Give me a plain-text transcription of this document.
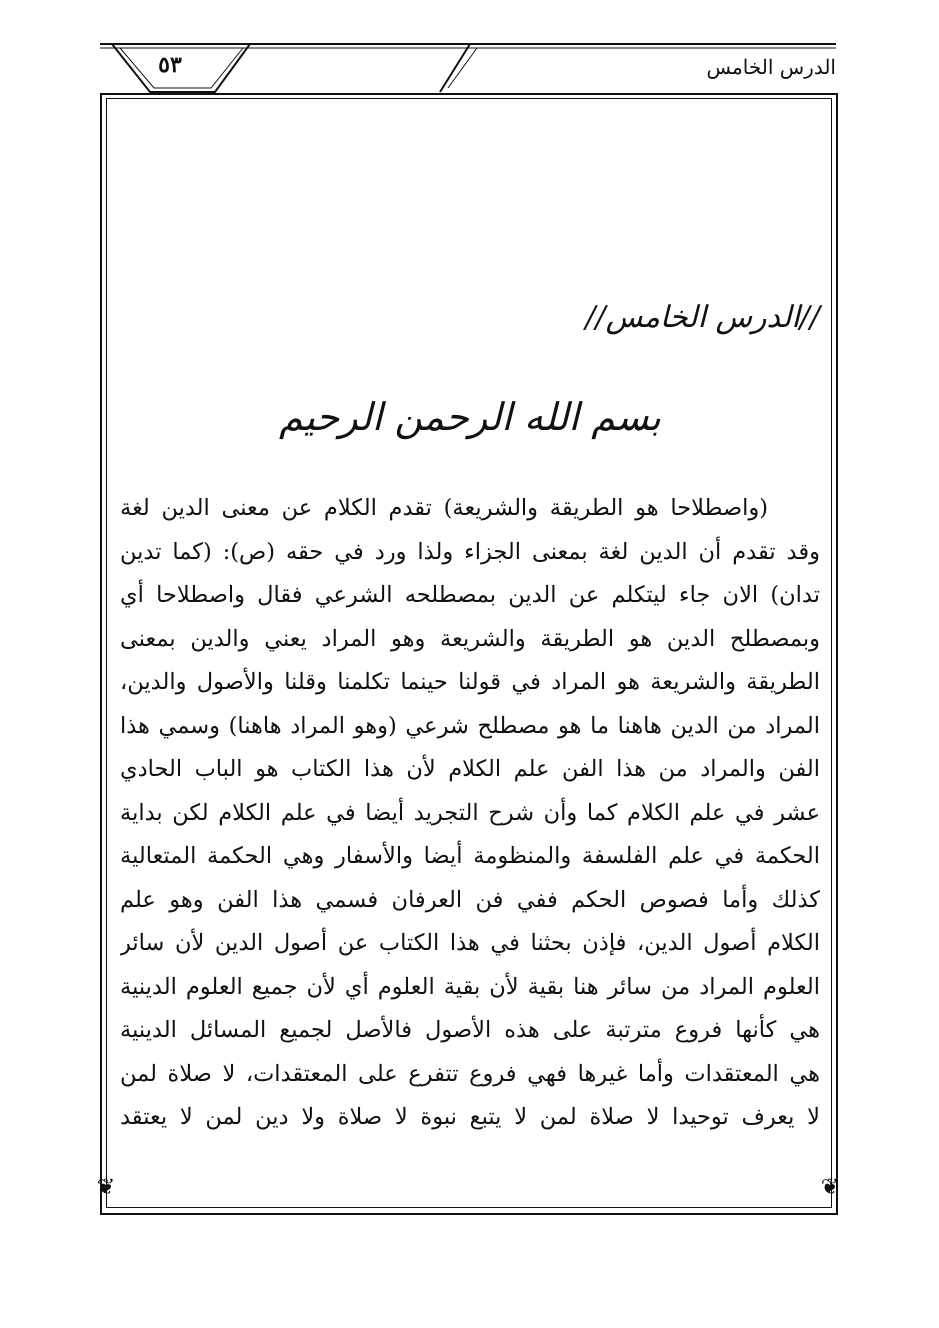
٥٣	الدرس الخامس
❦	❦
//الدرس الخامس//
بسم الله الرحمن الرحيم
(واصطلاحا هو الطريقة والشريعة) تقدم الكلام عن معنى الدين لغة
وقد تقدم أن الدين لغة بمعنى الجزاء ولذا ورد في حقه (ص): (كما تدين
تدان) الان جاء ليتكلم عن الدين بمصطلحه الشرعي فقال واصطلاحا أي
وبمصطلح الدين هو الطريقة والشريعة وهو المراد يعني والدين بمعنى
الطريقة والشريعة هو المراد في قولنا حينما تكلمنا وقلنا والأصول والدين،
المراد من الدين هاهنا ما هو مصطلح شرعي (وهو المراد هاهنا) وسمي هذا
الفن والمراد من هذا الفن علم الكلام لأن هذا الكتاب هو الباب الحادي
عشر في علم الكلام كما وأن شرح التجريد أيضا في علم الكلام لكن بداية
الحكمة في علم الفلسفة والمنظومة أيضا والأسفار وهي الحكمة المتعالية
كذلك وأما فصوص الحكم ففي فن العرفان فسمي هذا الفن وهو علم
الكلام أصول الدين، فإذن بحثنا في هذا الكتاب عن أصول الدين لأن سائر
العلوم المراد من سائر هنا بقية لأن بقية العلوم أي لأن جميع العلوم الدينية
هي كأنها فروع مترتبة على هذه الأصول فالأصل لجميع المسائل الدينية
هي المعتقدات وأما غيرها فهي فروع تتفرع على المعتقدات، لا صلاة لمن
لا يعرف توحيدا لا صلاة لمن لا يتبع نبوة لا صلاة ولا دين لمن لا يعتقد
